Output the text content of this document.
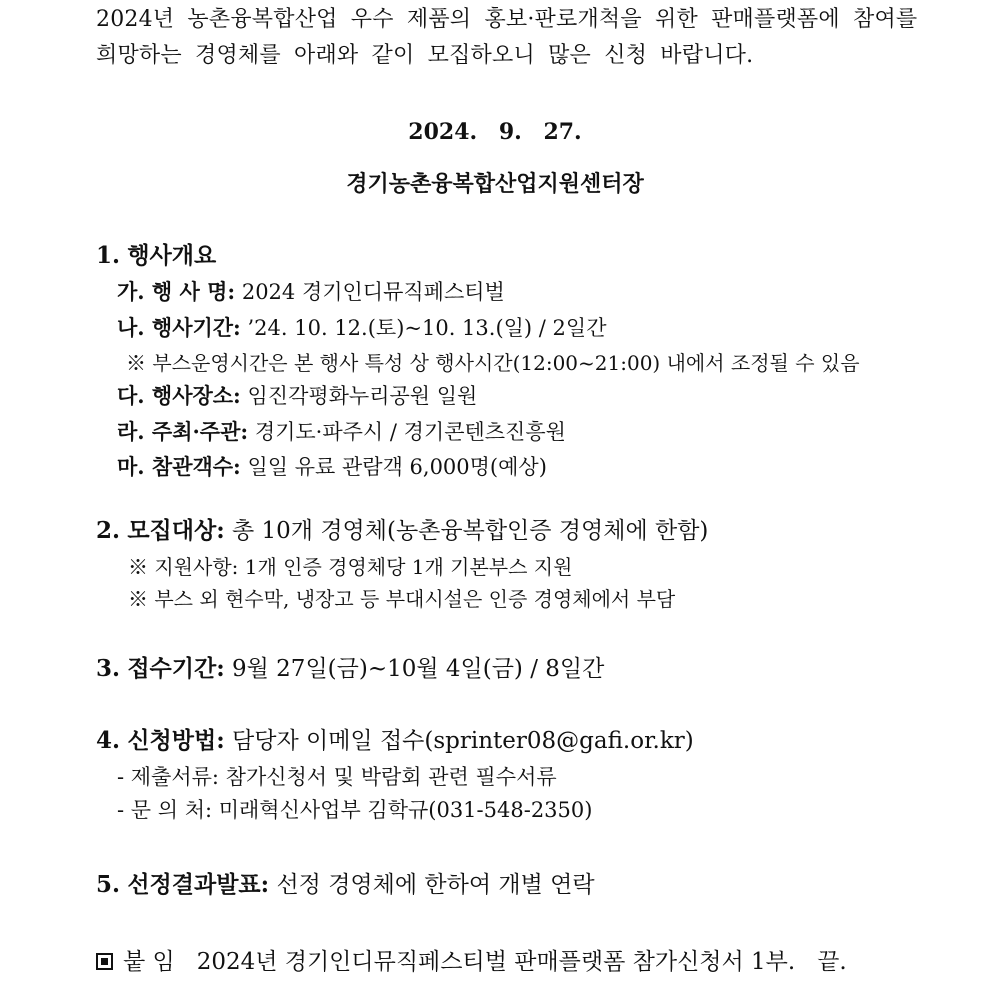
2024년 농촌융복합산업 우수 제품의 홍보·판로개척을 위한 판매플랫폼에 참여를
희망하는 경영체를 아래와 같이 모집하오니 많은 신청 바랍니다.
2024. 9. 27.
경기농촌융복합산업지원센터장
1. 행사개요
가. 행 사 명: 2024 경기인디뮤직페스티벌
나. 행사기간: ’24. 10. 12.(토)~10. 13.(일) / 2일간
※ 부스운영시간은 본 행사 특성 상 행사시간(12:00~21:00) 내에서 조정될 수 있음
다. 행사장소: 임진각평화누리공원 일원
라. 주최·주관: 경기도·파주시 / 경기콘텐츠진흥원
마. 참관객수: 일일 유료 관람객 6,000명(예상)
2. 모집대상: 총 10개 경영체(농촌융복합인증 경영체에 한함)
※ 지원사항: 1개 인증 경영체당 1개 기본부스 지원
※ 부스 외 현수막, 냉장고 등 부대시설은 인증 경영체에서 부담
3. 접수기간: 9월 27일(금)~10월 4일(금) / 8일간
4. 신청방법: 담당자 이메일 접수(sprinter08@gafi.or.kr)
- 제출서류: 참가신청서 및 박람회 관련 필수서류
- 문 의 처: 미래혁신사업부 김학규(031-548-2350)
5. 선정결과발표: 선정 경영체에 한하여 개별 연락
붙 임 2024년 경기인디뮤직페스티벌 판매플랫폼 참가신청서 1부. 끝.
